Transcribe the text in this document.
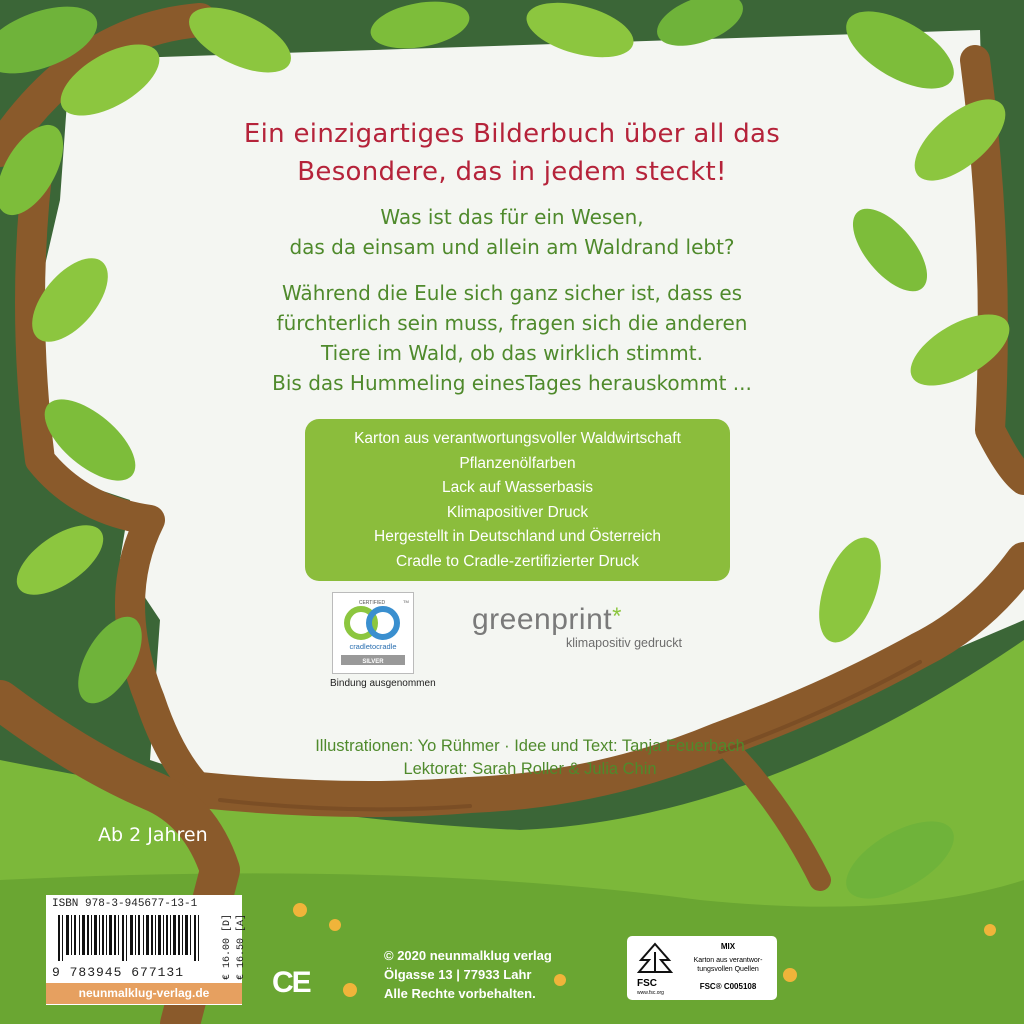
Ein einzigartiges Bilderbuch über all das
Besondere, das in jedem steckt!
Was ist das für ein Wesen,
das da einsam und allein am Waldrand lebt?
Während die Eule sich ganz sicher ist, dass es
fürchterlich sein muss, fragen sich die anderen
Tiere im Wald, ob das wirklich stimmt.
Bis das Hummeling einesTages herauskommt ...
Karton aus verantwortungsvoller Waldwirtschaft
Pflanzenölfarben
Lack auf Wasserbasis
Klimapositiver Druck
Hergestellt in Deutschland und Österreich
Cradle to Cradle-zertifizierter Druck
CERTIFIED	TM
cradletocradle
SILVER
Bindung ausgenommen
greenprint*
klimapositiv gedruckt
Illustrationen: Yo Rühmer · Idee und Text: Tanja Feuerbach
Lektorat: Sarah Roller & Julia Chin
Ab 2 Jahren
ISBN 978-3-945677-13-1
9 783945 677131	€ 16.00 [D] € 16.50 [A]
neunmalklug-verlag.de	CE
© 2020 neunmalklug verlag
Ölgasse 13 | 77933 Lahr
Alle Rechte vorbehalten.
FSC
www.fsc.org
MIX
Karton aus verantwor-
tungsvollen Quellen
FSC® C005108
